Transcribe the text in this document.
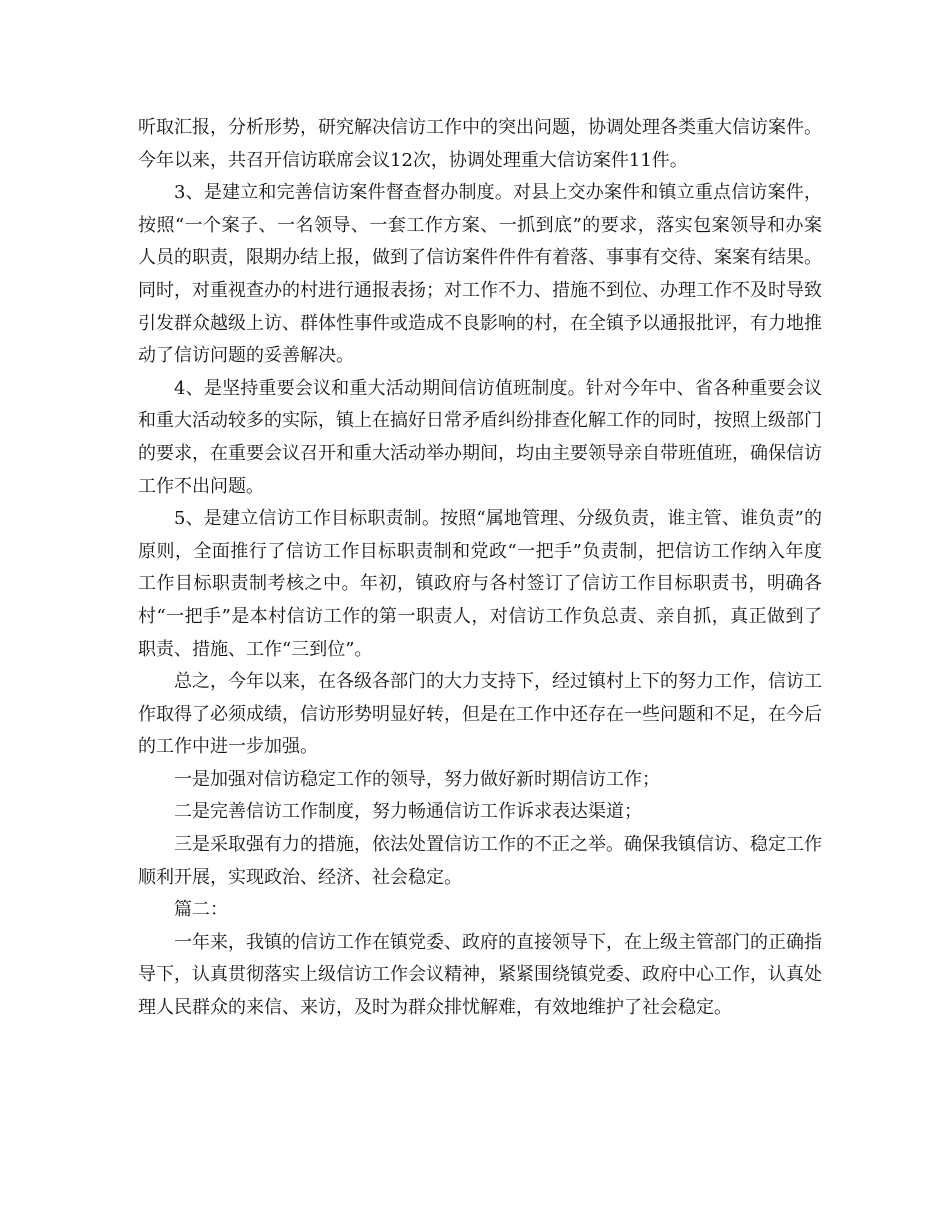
听取汇报，分析形势，研究解决信访工作中的突出问题，协调处理各类重大信访案件。今年以来，共召开信访联席会议12次，协调处理重大信访案件11件。

3、是建立和完善信访案件督查督办制度。对县上交办案件和镇立重点信访案件，按照“一个案子、一名领导、一套工作方案、一抓到底”的要求，落实包案领导和办案人员的职责，限期办结上报，做到了信访案件件件有着落、事事有交待、案案有结果。同时，对重视查办的村进行通报表扬；对工作不力、措施不到位、办理工作不及时导致引发群众越级上访、群体性事件或造成不良影响的村，在全镇予以通报批评，有力地推动了信访问题的妥善解决。

4、是坚持重要会议和重大活动期间信访值班制度。针对今年中、省各种重要会议和重大活动较多的实际，镇上在搞好日常矛盾纠纷排查化解工作的同时，按照上级部门的要求，在重要会议召开和重大活动举办期间，均由主要领导亲自带班值班，确保信访工作不出问题。

5、是建立信访工作目标职责制。按照“属地管理、分级负责，谁主管、谁负责”的原则，全面推行了信访工作目标职责制和党政“一把手”负责制，把信访工作纳入年度工作目标职责制考核之中。年初，镇政府与各村签订了信访工作目标职责书，明确各村“一把手”是本村信访工作的第一职责人，对信访工作负总责、亲自抓，真正做到了职责、措施、工作“三到位”。

总之，今年以来，在各级各部门的大力支持下，经过镇村上下的努力工作，信访工作取得了必须成绩，信访形势明显好转，但是在工作中还存在一些问题和不足，在今后的工作中进一步加强。

一是加强对信访稳定工作的领导，努力做好新时期信访工作；

二是完善信访工作制度，努力畅通信访工作诉求表达渠道；

三是采取强有力的措施，依法处置信访工作的不正之举。确保我镇信访、稳定工作顺利开展，实现政治、经济、社会稳定。

篇二：

一年来，我镇的信访工作在镇党委、政府的直接领导下，在上级主管部门的正确指导下，认真贯彻落实上级信访工作会议精神，紧紧围绕镇党委、政府中心工作，认真处理人民群众的来信、来访，及时为群众排忧解难，有效地维护了社会稳定。
